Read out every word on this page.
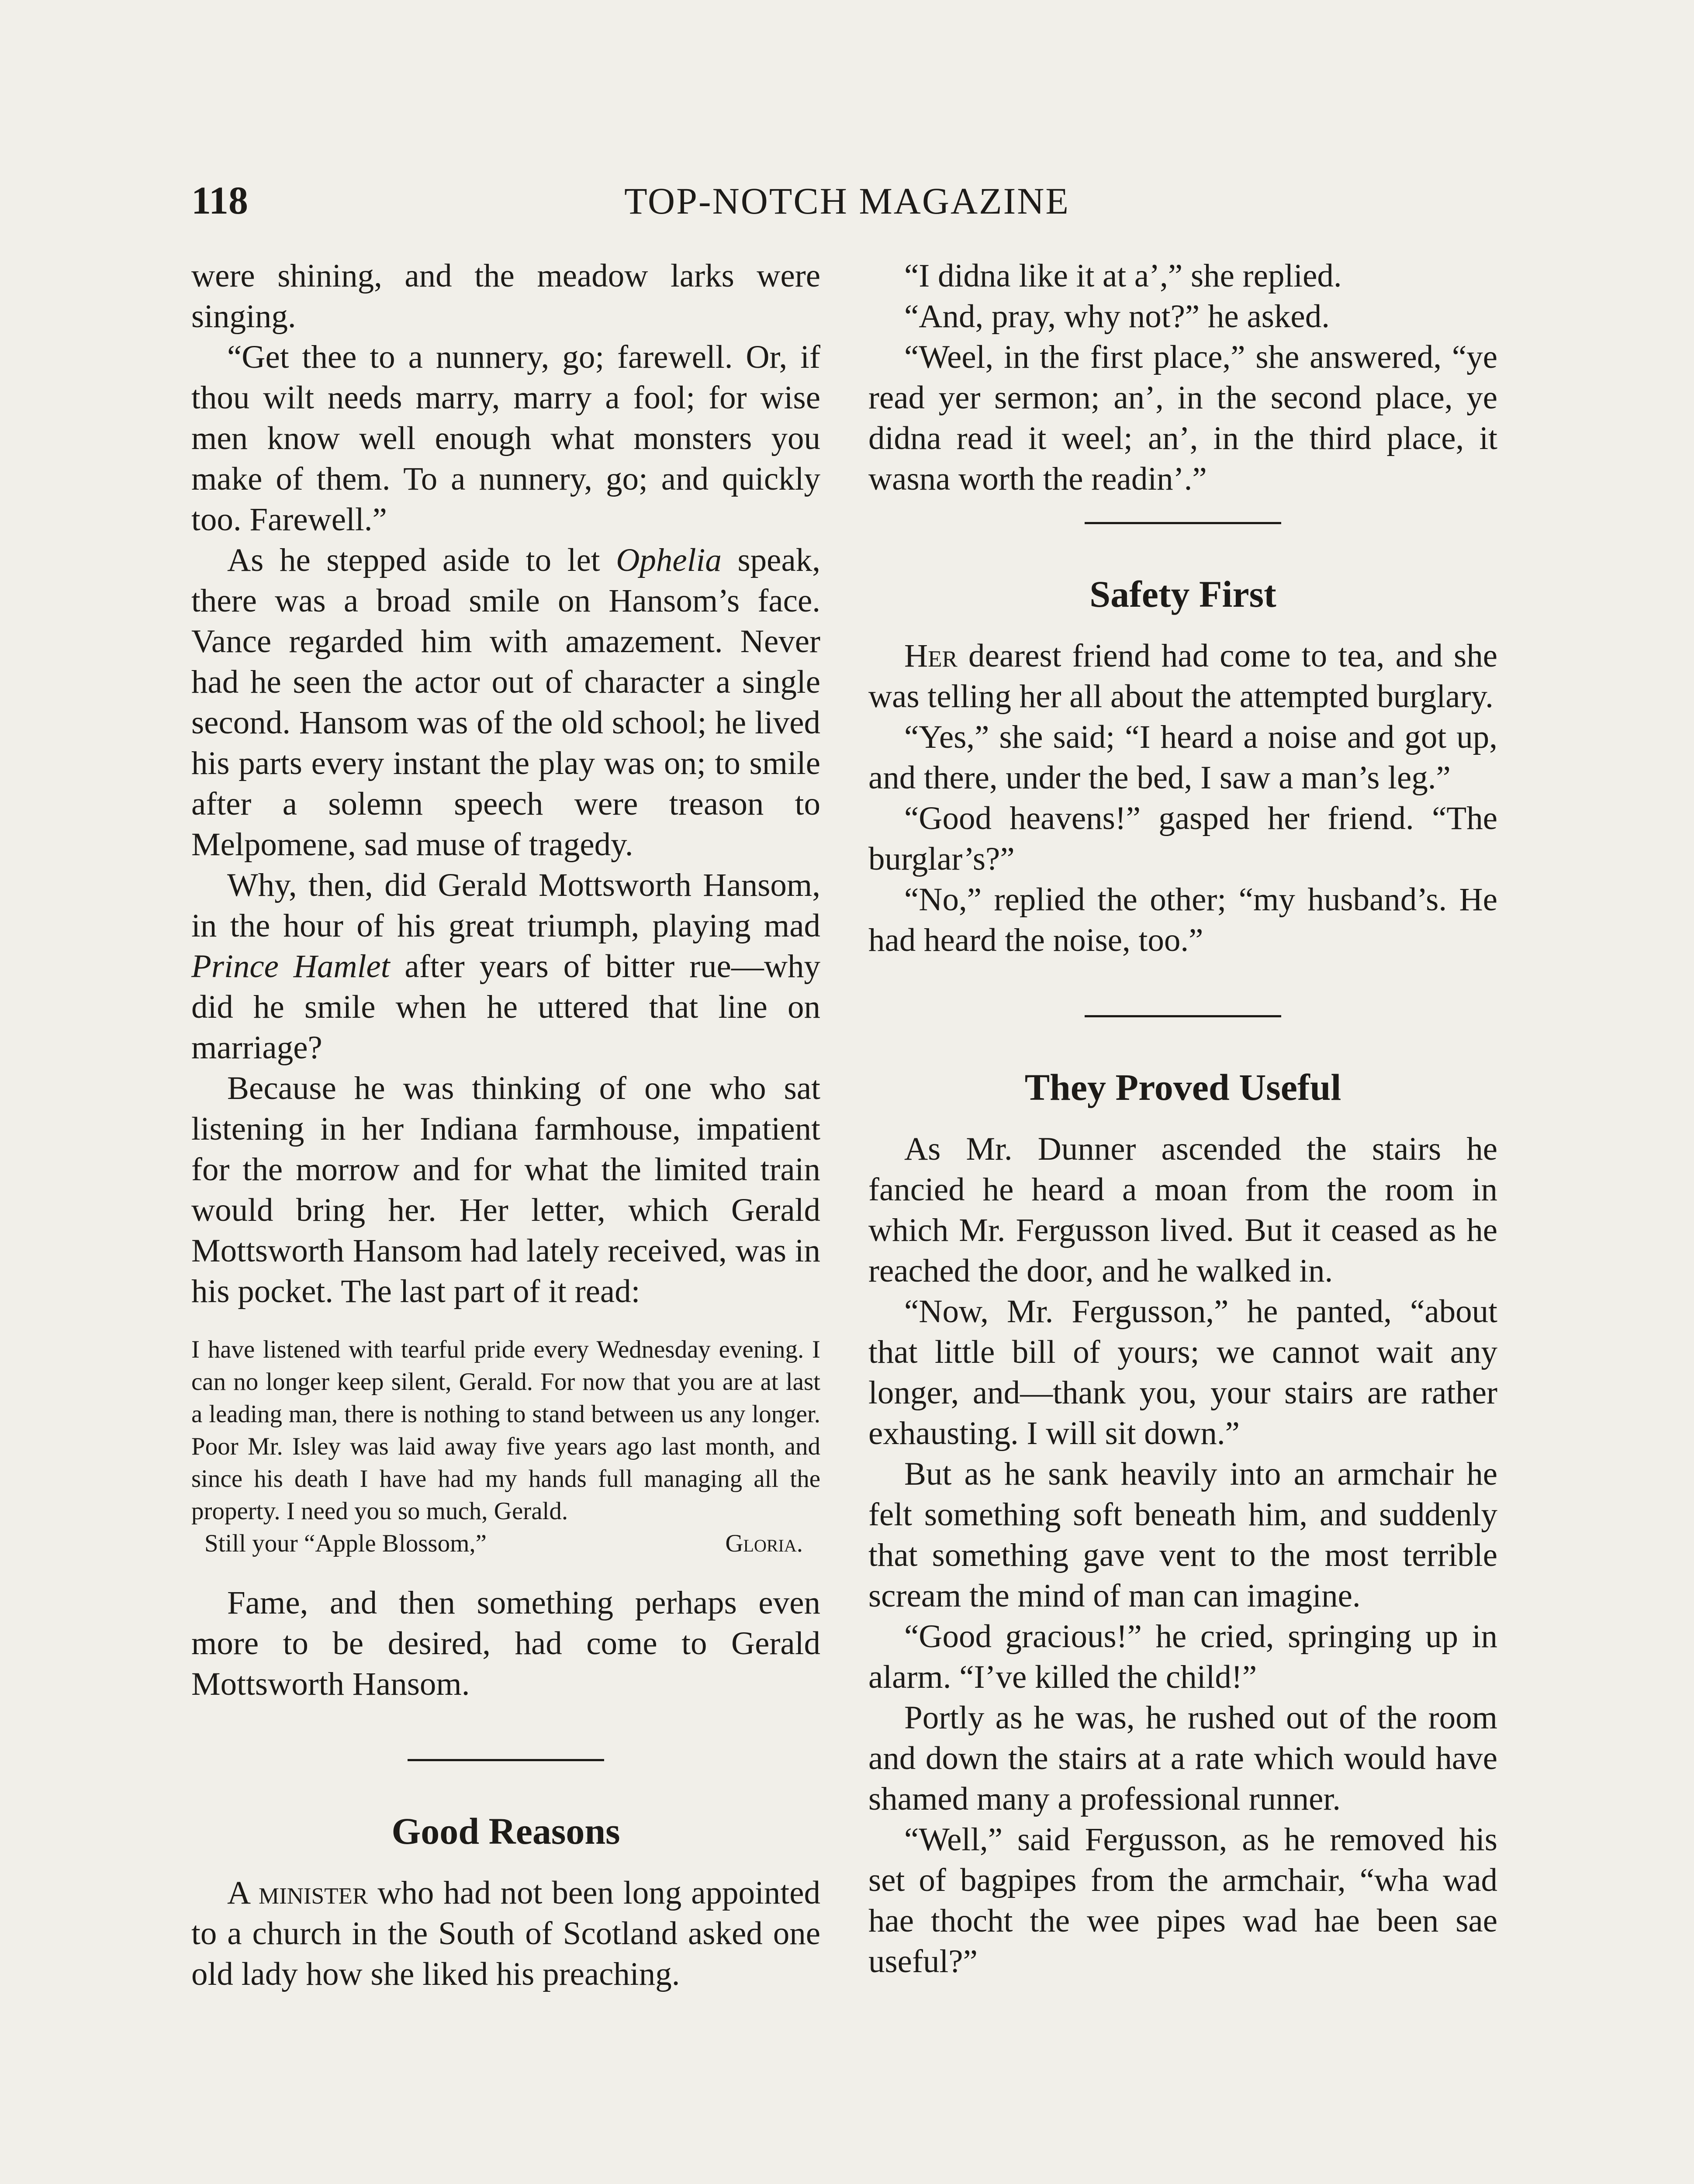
TOP-NOTCH MAGAZINE
118

were shining, and the meadow larks were singing.

“Get thee to a nunnery, go; farewell. Or, if thou wilt needs marry, marry a fool; for wise men know well enough what monsters you make of them. To a nunnery, go; and quickly too. Farewell.”

As he stepped aside to let Ophelia speak, there was a broad smile on Hansom’s face. Vance regarded him with amazement. Never had he seen the actor out of character a single second. Hansom was of the old school; he lived his parts every instant the play was on; to smile after a solemn speech were treason to Melpomene, sad muse of tragedy.

Why, then, did Gerald Mottsworth Hansom, in the hour of his great triumph, playing mad Prince Hamlet after years of bitter rue—why did he smile when he uttered that line on marriage?

Because he was thinking of one who sat listening in her Indiana farmhouse, impatient for the morrow and for what the limited train would bring her. Her letter, which Gerald Mottsworth Hansom had lately received, was in his pocket. The last part of it read:

I have listened with tearful pride every Wednesday evening. I can no longer keep silent, Gerald. For now that you are at last a leading man, there is nothing to stand between us any longer. Poor Mr. Isley was laid away five years ago last month, and since his death I have had my hands full managing all the property. I need you so much, Gerald.

Still your “Apple Blossom,”	Gloria.

Fame, and then something perhaps even more to be desired, had come to Gerald Mottsworth Hansom.

Good Reasons

A minister who had not been long appointed to a church in the South of Scotland asked one old lady how she liked his preaching.

“I didna like it at a’,” she replied.

“And, pray, why not?” he asked.

“Weel, in the first place,” she answered, “ye read yer sermon; an’, in the second place, ye didna read it weel; an’, in the third place, it wasna worth the readin’.”

Safety First

Her dearest friend had come to tea, and she was telling her all about the attempted burglary.

“Yes,” she said; “I heard a noise and got up, and there, under the bed, I saw a man’s leg.”

“Good heavens!” gasped her friend. “The burglar’s?”

“No,” replied the other; “my husband’s. He had heard the noise, too.”

They Proved Useful

As Mr. Dunner ascended the stairs he fancied he heard a moan from the room in which Mr. Fergusson lived. But it ceased as he reached the door, and he walked in.

“Now, Mr. Fergusson,” he panted, “about that little bill of yours; we cannot wait any longer, and—thank you, your stairs are rather exhausting. I will sit down.”

But as he sank heavily into an armchair he felt something soft beneath him, and suddenly that something gave vent to the most terrible scream the mind of man can imagine.

“Good gracious!” he cried, springing up in alarm. “I’ve killed the child!”

Portly as he was, he rushed out of the room and down the stairs at a rate which would have shamed many a professional runner.

“Well,” said Fergusson, as he removed his set of bagpipes from the armchair, “wha wad hae thocht the wee pipes wad hae been sae useful?”
